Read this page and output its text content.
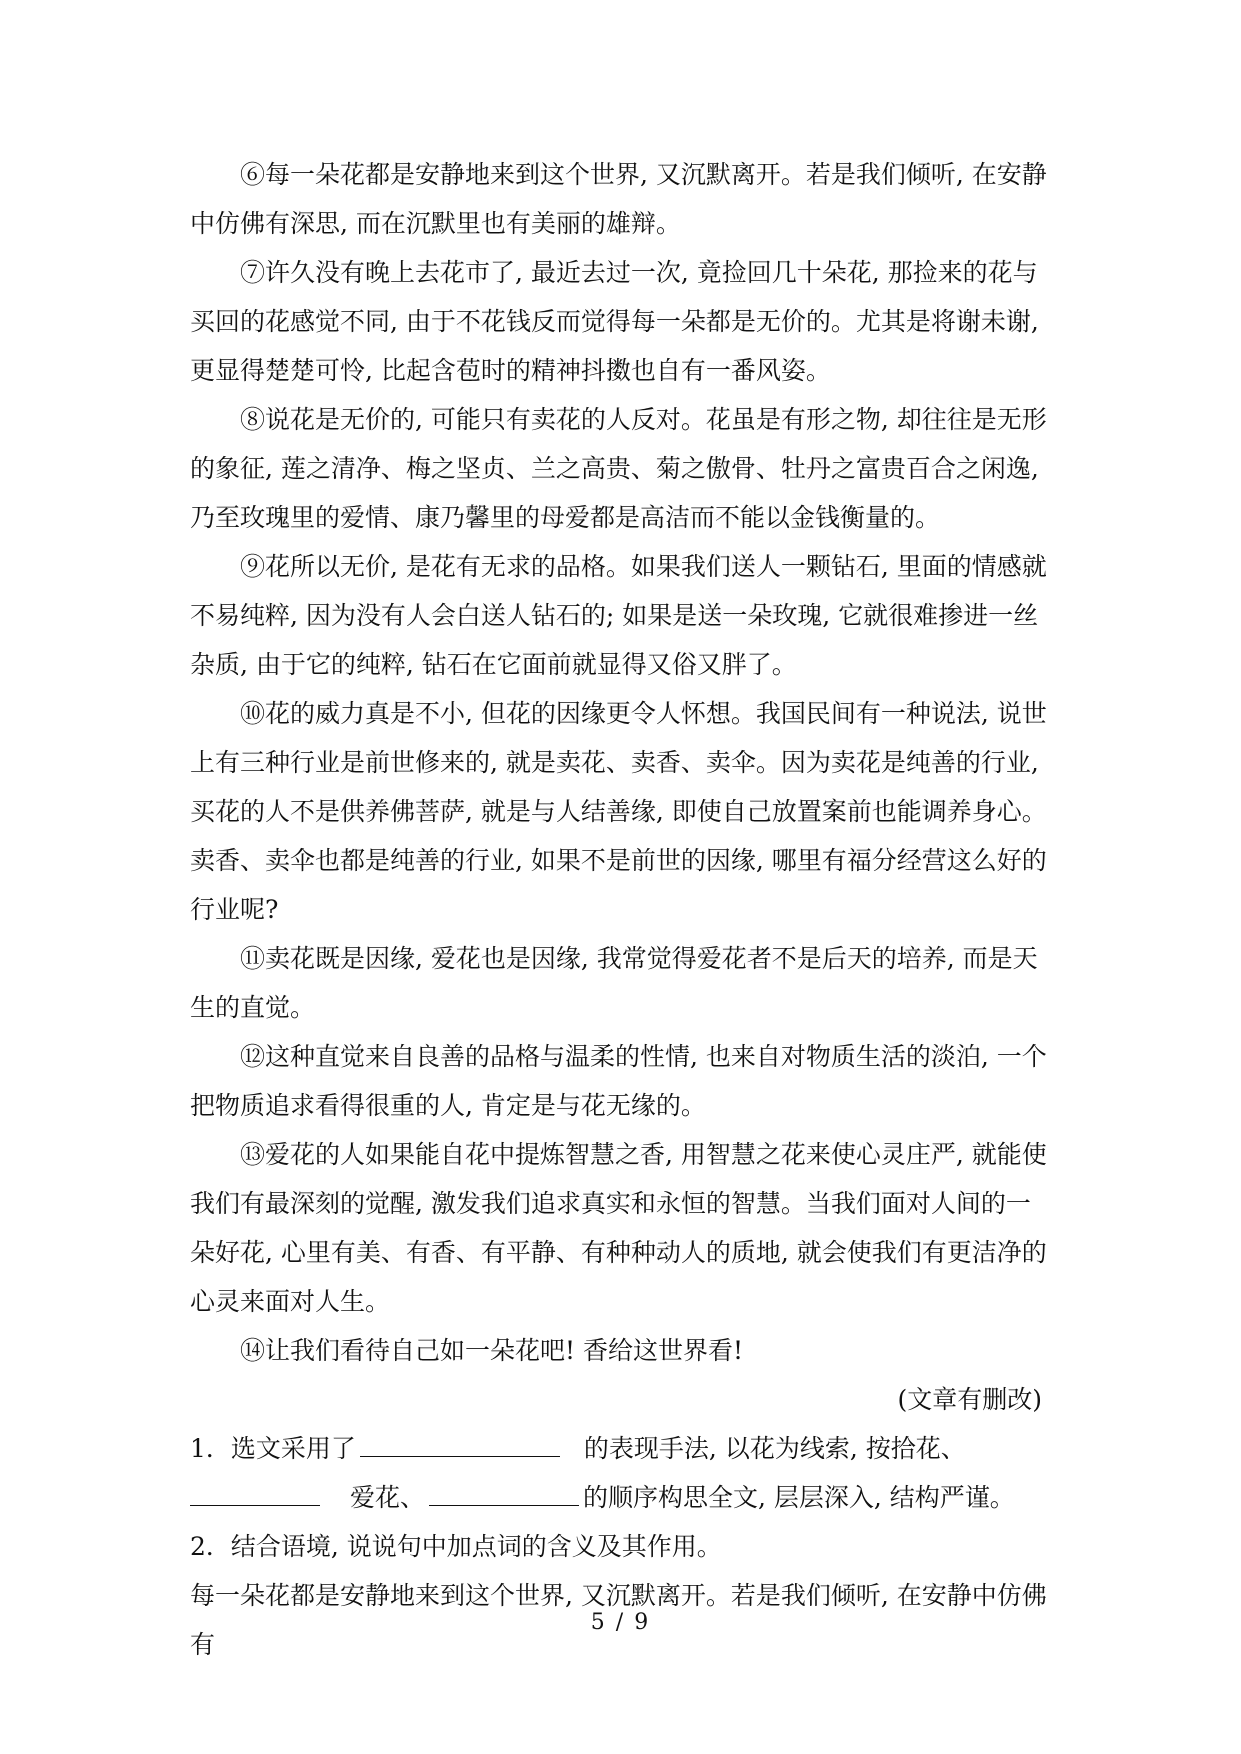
⑥每一朵花都是安静地来到这个世界, 又沉默离开。若是我们倾听, 在安静中仿佛有深思, 而在沉默里也有美丽的雄辩。

⑦许久没有晚上去花市了, 最近去过一次, 竟捡回几十朵花, 那捡来的花与买回的花感觉不同, 由于不花钱反而觉得每一朵都是无价的。尤其是将谢未谢, 更显得楚楚可怜, 比起含苞时的精神抖擞也自有一番风姿。

⑧说花是无价的, 可能只有卖花的人反对。花虽是有形之物, 却往往是无形的象征, 莲之清净、梅之坚贞、兰之高贵、菊之傲骨、牡丹之富贵百合之闲逸, 乃至玫瑰里的爱情、康乃馨里的母爱都是高洁而不能以金钱衡量的。

⑨花所以无价, 是花有无求的品格。如果我们送人一颗钻石, 里面的情感就不易纯粹, 因为没有人会白送人钻石的; 如果是送一朵玫瑰, 它就很难掺进一丝杂质, 由于它的纯粹, 钻石在它面前就显得又俗又胖了。

⑩花的威力真是不小, 但花的因缘更令人怀想。我国民间有一种说法, 说世上有三种行业是前世修来的, 就是卖花、卖香、卖伞。因为卖花是纯善的行业, 买花的人不是供养佛菩萨, 就是与人结善缘, 即使自己放置案前也能调养身心。卖香、卖伞也都是纯善的行业, 如果不是前世的因缘, 哪里有福分经营这么好的行业呢?

⑪卖花既是因缘, 爱花也是因缘, 我常觉得爱花者不是后天的培养, 而是天生的直觉。

⑫这种直觉来自良善的品格与温柔的性情, 也来自对物质生活的淡泊, 一个把物质追求看得很重的人, 肯定是与花无缘的。

⑬爱花的人如果能自花中提炼智慧之香, 用智慧之花来使心灵庄严, 就能使我们有最深刻的觉醒, 激发我们追求真实和永恒的智慧。当我们面对人间的一朵好花, 心里有美、有香、有平静、有种种动人的质地, 就会使我们有更洁净的心灵来面对人生。

⑭让我们看待自己如一朵花吧! 香给这世界看!

(文章有删改)

1．选文采用了	的表现手法, 以花为线索, 按拾花、
爱花、	的顺序构思全文, 层层深入, 结构严谨。

2．结合语境, 说说句中加点词的含义及其作用。

每一朵花都是安静地来到这个世界, 又沉默离开。若是我们倾听, 在安静中仿佛有

5 / 9
